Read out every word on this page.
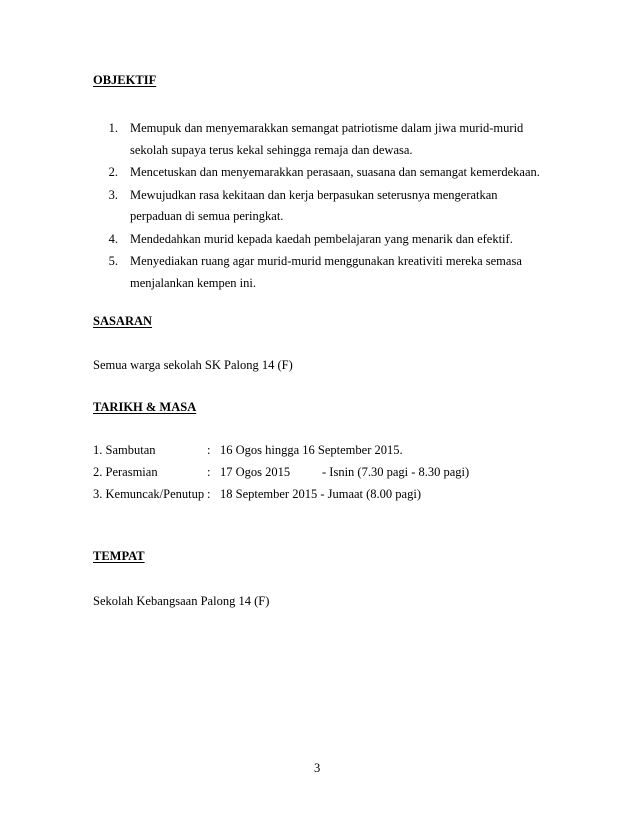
OBJEKTIF
1. Memupuk dan menyemarakkan semangat patriotisme dalam jiwa murid-murid
sekolah supaya terus kekal sehingga remaja dan dewasa.
2. Mencetuskan dan menyemarakkan perasaan, suasana dan semangat kemerdekaan.
3. Mewujudkan rasa kekitaan dan kerja berpasukan seterusnya mengeratkan
perpaduan di semua peringkat.
4. Mendedahkan murid kepada kaedah pembelajaran yang menarik dan efektif.
5. Menyediakan ruang agar murid-murid menggunakan kreativiti mereka semasa
menjalankan kempen ini.
SASARAN
Semua warga sekolah SK Palong 14 (F)
TARIKH & MASA
1. Sambutan	: 16 Ogos hingga 16 September 2015.
2. Perasmian	: 17 Ogos 2015	- Isnin (7.30 pagi - 8.30 pagi)
3. Kemuncak/Penutup : 18 September 2015 - Jumaat (8.00 pagi)
TEMPAT
Sekolah Kebangsaan Palong 14 (F)
3
